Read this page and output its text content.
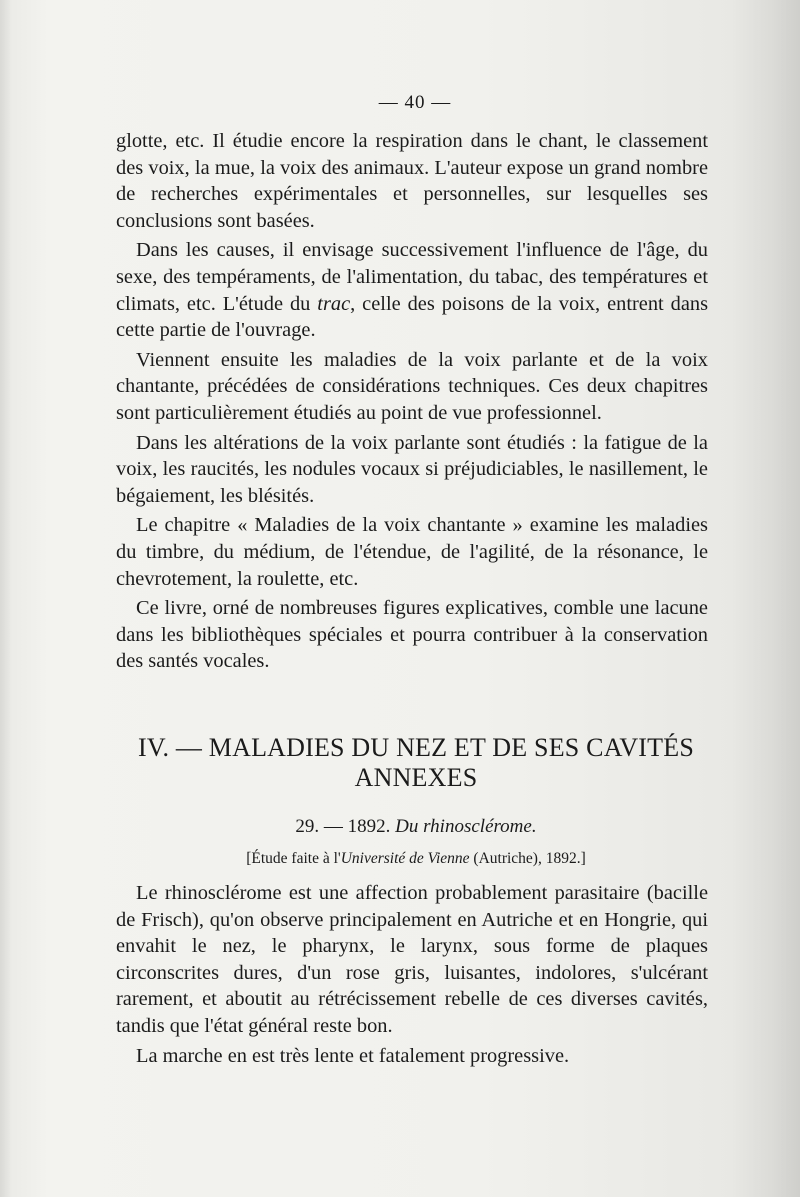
— 40 —

glotte, etc. Il étudie encore la respiration dans le chant, le classement des voix, la mue, la voix des animaux. L'auteur expose un grand nombre de recherches expérimentales et personnelles, sur lesquelles ses conclusions sont basées.

Dans les causes, il envisage successivement l'influence de l'âge, du sexe, des tempéraments, de l'alimentation, du tabac, des températures et climats, etc. L'étude du trac, celle des poisons de la voix, entrent dans cette partie de l'ouvrage.

Viennent ensuite les maladies de la voix parlante et de la voix chantante, précédées de considérations techniques. Ces deux chapitres sont particulièrement étudiés au point de vue professionnel.

Dans les altérations de la voix parlante sont étudiés : la fatigue de la voix, les raucités, les nodules vocaux si préjudiciables, le nasillement, le bégaiement, les blésités.

Le chapitre « Maladies de la voix chantante » examine les maladies du timbre, du médium, de l'étendue, de l'agilité, de la résonance, le chevrotement, la roulette, etc.

Ce livre, orné de nombreuses figures explicatives, comble une lacune dans les bibliothèques spéciales et pourra contribuer à la conservation des santés vocales.

IV. — MALADIES DU NEZ ET DE SES CAVITÉS
ANNEXES
29. — 1892. Du rhinosclérome.
[Étude faite à l'Université de Vienne (Autriche), 1892.]

Le rhinosclérome est une affection probablement parasitaire (bacille de Frisch), qu'on observe principalement en Autriche et en Hongrie, qui envahit le nez, le pharynx, le larynx, sous forme de plaques circonscrites dures, d'un rose gris, luisantes, indolores, s'ulcérant rarement, et aboutit au rétrécissement rebelle de ces diverses cavités, tandis que l'état général reste bon.

La marche en est très lente et fatalement progressive.
